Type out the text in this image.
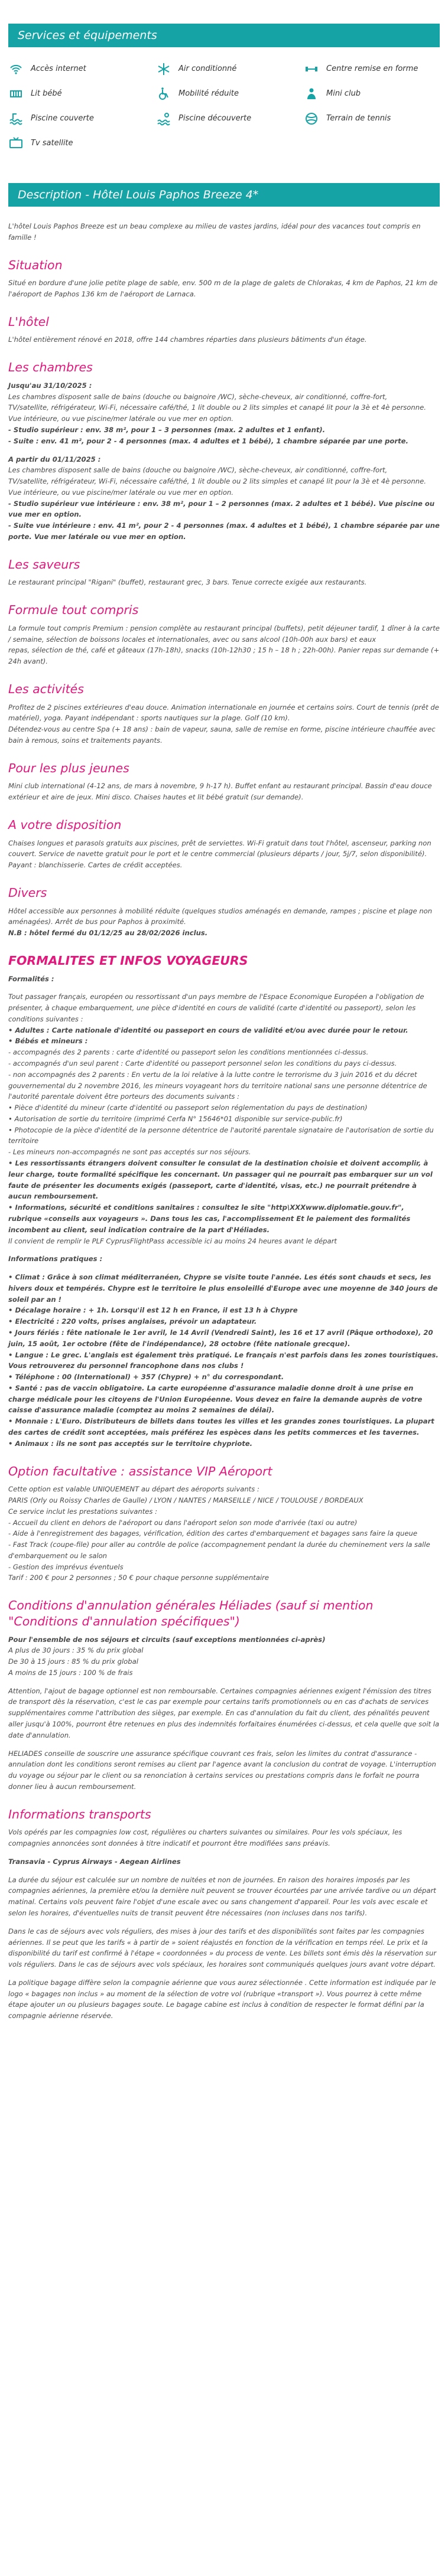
Services et équipements
Accès internet	Air conditionné	Centre remise en forme
Lit bébé	Mobilité réduite	Mini club
Piscine couverte	Piscine découverte	Terrain de tennis
Tv satellite
Description - Hôtel Louis Paphos Breeze 4*

L'hôtel Louis Paphos Breeze est un beau complexe au milieu de vastes jardins, idéal pour des vacances tout compris en famille !

Situation

Situé en bordure d'une jolie petite plage de sable, env. 500 m de la plage de galets de Chlorakas, 4 km de Paphos, 21 km de l'aéroport de Paphos 136 km de l'aéroport de Larnaca.

L'hôtel

L'hôtel entièrement rénové en 2018, offre 144 chambres réparties dans plusieurs bâtiments d'un étage.

Les chambres

Jusqu'au 31/10/2025 :
Les chambres disposent salle de bains (douche ou baignoire /WC), sèche-cheveux, air conditionné, coffre-fort,
TV/satellite, réfrigérateur, Wi-Fi, nécessaire café/thé, 1 lit double ou 2 lits simples et canapé lit pour la 3è et 4è personne.
Vue intérieure, ou vue piscine/mer latérale ou vue mer en option.
- Studio supérieur : env. 38 m², pour 1 – 3 personnes (max. 2 adultes et 1 enfant).
- Suite : env. 41 m², pour 2 - 4 personnes (max. 4 adultes et 1 bébé), 1 chambre séparée par une porte.

A partir du 01/11/2025 :
Les chambres disposent salle de bains (douche ou baignoire /WC), sèche-cheveux, air conditionné, coffre-fort,
TV/satellite, réfrigérateur, Wi-Fi, nécessaire café/thé, 1 lit double ou 2 lits simples et canapé lit pour la 3è et 4è personne.
Vue intérieure, ou vue piscine/mer latérale ou vue mer en option.
- Studio supérieur vue intérieure : env. 38 m², pour 1 – 2 personnes (max. 2 adultes et 1 bébé). Vue piscine ou vue mer en option.
- Suite vue intérieure : env. 41 m², pour 2 - 4 personnes (max. 4 adultes et 1 bébé), 1 chambre séparée par une porte. Vue mer latérale ou vue mer en option.

Les saveurs

Le restaurant principal "Rigani" (buffet), restaurant grec, 3 bars. Tenue correcte exigée aux restaurants.

Formule tout compris

La formule tout compris Premium : pension complète au restaurant principal (buffets), petit déjeuner tardif, 1 dîner à la carte / semaine, sélection de boissons locales et internationales, avec ou sans alcool (10h-00h aux bars) et eaux
repas, sélection de thé, café et gâteaux (17h-18h), snacks (10h-12h30 ; 15 h – 18 h ; 22h-00h). Panier repas sur demande (+ 24h avant).

Les activités

Profitez de 2 piscines extérieures d'eau douce. Animation internationale en journée et certains soirs. Court de tennis (prêt de matériel), yoga. Payant indépendant : sports nautiques sur la plage. Golf (10 km).
Détendez-vous au centre Spa (+ 18 ans) : bain de vapeur, sauna, salle de remise en forme, piscine intérieure chauffée avec bain à remous, soins et traitements payants.

Pour les plus jeunes

Mini club international (4-12 ans, de mars à novembre, 9 h-17 h). Buffet enfant au restaurant principal. Bassin d'eau douce extérieur et aire de jeux. Mini disco. Chaises hautes et lit bébé gratuit (sur demande).

A votre disposition

Chaises longues et parasols gratuits aux piscines, prêt de serviettes. Wi-Fi gratuit dans tout l'hôtel, ascenseur, parking non couvert. Service de navette gratuit pour le port et le centre commercial (plusieurs départs / jour, 5j/7, selon disponibilité). Payant : blanchisserie. Cartes de crédit acceptées.

Divers

Hôtel accessible aux personnes à mobilité réduite (quelques studios aménagés en demande, rampes ; piscine et plage non aménagées). Arrêt de bus pour Paphos à proximité.
N.B : hôtel fermé du 01/12/25 au 28/02/2026 inclus.

FORMALITES ET INFOS VOYAGEURS

Formalités :

Tout passager français, européen ou ressortissant d'un pays membre de l'Espace Economique Européen a l'obligation de présenter, à chaque embarquement, une pièce d'identité en cours de validité (carte d'identité ou passeport), selon les conditions suivantes :
• Adultes : Carte nationale d'identité ou passeport en cours de validité et/ou avec durée pour le retour.
• Bébés et mineurs :
- accompagnés des 2 parents : carte d'identité ou passeport selon les conditions mentionnées ci-dessus.
- accompagnés d'un seul parent : Carte d'identité ou passeport personnel selon les conditions du pays ci-dessus.
- non accompagnés des 2 parents : En vertu de la loi relative à la lutte contre le terrorisme du 3 juin 2016 et du décret gouvernemental du 2 novembre 2016, les mineurs voyageant hors du territoire national sans une personne détentrice de l'autorité parentale doivent être porteurs des documents suivants :
• Pièce d'identité du mineur (carte d'identité ou passeport selon réglementation du pays de destination)
• Autorisation de sortie du territoire (imprimé Cerfa N° 15646*01 disponible sur service-public.fr)
• Photocopie de la pièce d'identité de la personne détentrice de l'autorité parentale signataire de l'autorisation de sortie du territoire
- Les mineurs non-accompagnés ne sont pas acceptés sur nos séjours.
• Les ressortissants étrangers doivent consulter le consulat de la destination choisie et doivent accomplir, à leur charge, toute formalité spécifique les concernant. Un passager qui ne pourrait pas embarquer sur un vol faute de présenter les documents exigés (passeport, carte d'identité, visas, etc.) ne pourrait prétendre à aucun remboursement.
• Informations, sécurité et conditions sanitaires : consultez le site "http\XXXwww.diplomatie.gouv.fr", rubrique «conseils aux voyageurs ». Dans tous les cas, l'accomplissement Et le paiement des formalités incombent au client, seul indication contraire de la part d'Héliades.
Il convient de remplir le PLF CyprusFlightPass accessible ici au moins 24 heures avant le départ

Informations pratiques :

• Climat : Grâce à son climat méditerranéen, Chypre se visite toute l'année. Les étés sont chauds et secs, les hivers doux et tempérés. Chypre est le territoire le plus ensoleillé d'Europe avec une moyenne de 340 jours de soleil par an !
• Décalage horaire : + 1h. Lorsqu'il est 12 h en France, il est 13 h à Chypre
• Electricité : 220 volts, prises anglaises, prévoir un adaptateur.
• Jours fériés : fête nationale le 1er avril, le 14 Avril (Vendredi Saint), les 16 et 17 avril (Pâque orthodoxe), 20 juin, 15 août, 1er octobre (fête de l'indépendance), 28 octobre (fête nationale grecque).
• Langue : Le grec. L'anglais est également très pratiqué. Le français n'est parfois dans les zones touristiques. Vous retrouverez du personnel francophone dans nos clubs !
• Téléphone : 00 (International) + 357 (Chypre) + n° du correspondant.
• Santé : pas de vaccin obligatoire. La carte européenne d'assurance maladie donne droit à une prise en charge médicale pour les citoyens de l'Union Européenne. Vous devez en faire la demande auprès de votre caisse d'assurance maladie (comptez au moins 2 semaines de délai).
• Monnaie : L'Euro. Distributeurs de billets dans toutes les villes et les grandes zones touristiques. La plupart des cartes de crédit sont acceptées, mais préférez les espèces dans les petits commerces et les tavernes.
• Animaux : ils ne sont pas acceptés sur le territoire chypriote.

Option facultative : assistance VIP Aéroport

Cette option est valable UNIQUEMENT au départ des aéroports suivants :
PARIS (Orly ou Roissy Charles de Gaulle) / LYON / NANTES / MARSEILLE / NICE / TOULOUSE / BORDEAUX
Ce service inclut les prestations suivantes :
- Accueil du client en dehors de l'aéroport ou dans l'aéroport selon son mode d'arrivée (taxi ou autre)
- Aide à l'enregistrement des bagages, vérification, édition des cartes d'embarquement et bagages sans faire la queue
- Fast Track (coupe-file) pour aller au contrôle de police (accompagnement pendant la durée du cheminement vers la salle d'embarquement ou le salon
- Gestion des imprévus éventuels
Tarif : 200 € pour 2 personnes ; 50 € pour chaque personne supplémentaire

Conditions d'annulation générales Héliades (sauf si mention "Conditions d'annulation spécifiques")

Pour l'ensemble de nos séjours et circuits (sauf exceptions mentionnées ci-après)
A plus de 30 jours : 35 % du prix global
De 30 à 15 jours : 85 % du prix global
A moins de 15 jours : 100 % de frais

Attention, l'ajout de bagage optionnel est non remboursable. Certaines compagnies aériennes exigent l'émission des titres de transport dès la réservation, c'est le cas par exemple pour certains tarifs promotionnels ou en cas d'achats de services supplémentaires comme l'attribution des sièges, par exemple. En cas d'annulation du fait du client, des pénalités peuvent aller jusqu'à 100%, pourront être retenues en plus des indemnités forfaitaires énumérées ci-dessus, et cela quelle que soit la date d'annulation.

HELIADES conseille de souscrire une assurance spécifique couvrant ces frais, selon les limites du contrat d'assurance - annulation dont les conditions seront remises au client par l'agence avant la conclusion du contrat de voyage. L'interruption du voyage ou séjour par le client ou sa renonciation à certains services ou prestations compris dans le forfait ne pourra donner lieu à aucun remboursement.

Informations transports

Vols opérés par les compagnies low cost, régulières ou charters suivantes ou similaires. Pour les vols spéciaux, les compagnies annoncées sont données à titre indicatif et pourront être modifiées sans préavis.

Transavia - Cyprus Airways - Aegean Airlines

La durée du séjour est calculée sur un nombre de nuitées et non de journées. En raison des horaires imposés par les compagnies aériennes, la première et/ou la dernière nuit peuvent se trouver écourtées par une arrivée tardive ou un départ matinal. Certains vols peuvent faire l'objet d'une escale avec ou sans changement d'appareil. Pour les vols avec escale et selon les horaires, d'éventuelles nuits de transit peuvent être nécessaires (non incluses dans nos tarifs).

Dans le cas de séjours avec vols réguliers, des mises à jour des tarifs et des disponibilités sont faites par les compagnies aériennes. Il se peut que les tarifs « à partir de » soient réajustés en fonction de la vérification en temps réel. Le prix et la disponibilité du tarif est confirmé à l'étape « coordonnées » du process de vente. Les billets sont émis dès la réservation sur vols réguliers. Dans le cas de séjours avec vols spéciaux, les horaires sont communiqués quelques jours avant votre départ.

La politique bagage diffère selon la compagnie aérienne que vous aurez sélectionnée . Cette information est indiquée par le logo « bagages non inclus » au moment de la sélection de votre vol (rubrique «transport »). Vous pourrez à cette même étape ajouter un ou plusieurs bagages soute. Le bagage cabine est inclus à condition de respecter le format défini par la compagnie aérienne réservée.
